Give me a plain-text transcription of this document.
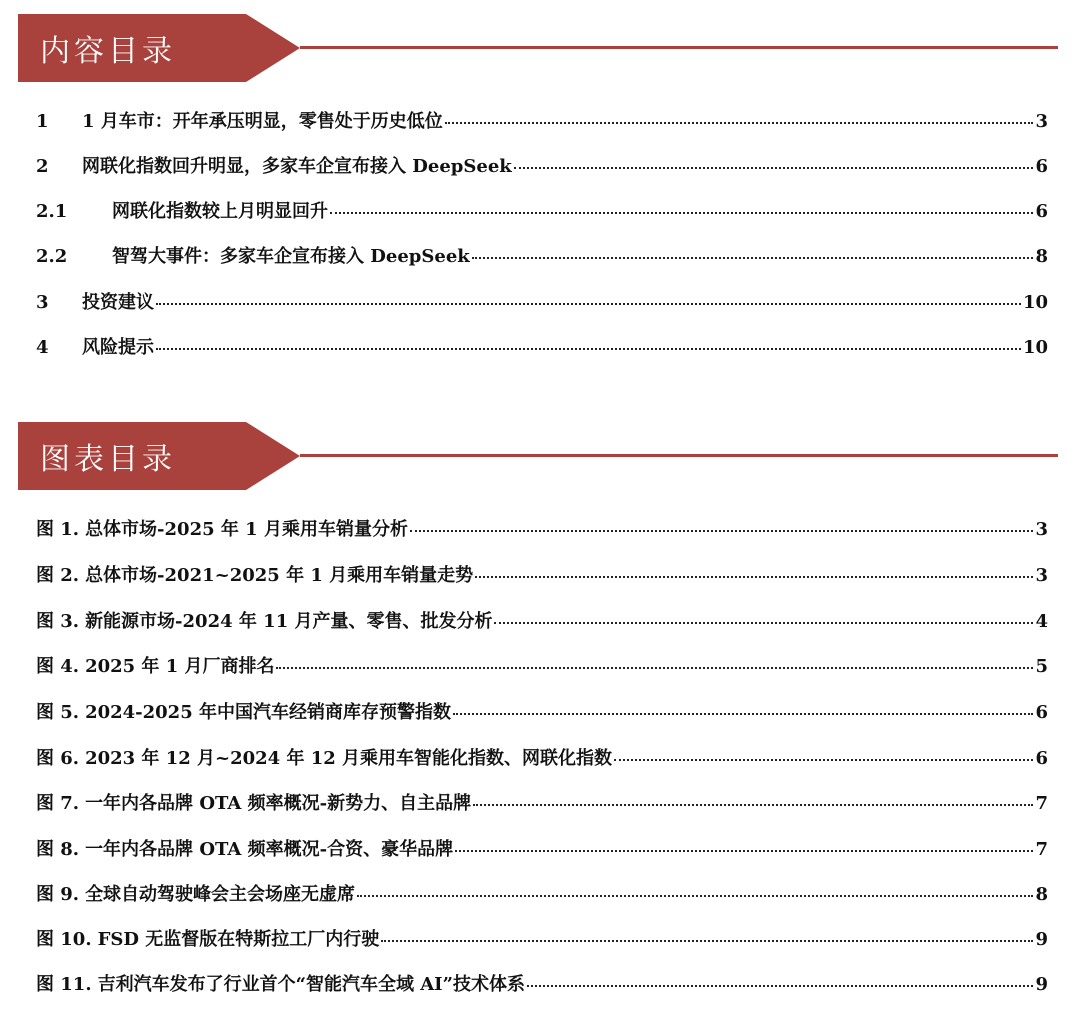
内容目录
1	1 月车市：开年承压明显，零售处于历史低位	3
2	网联化指数回升明显，多家车企宣布接入 DeepSeek	6
2.1	网联化指数较上月明显回升	6
2.2	智驾大事件：多家车企宣布接入 DeepSeek	8
3	投资建议	10
4	风险提示	10
图表目录
图 1. 总体市场-2025 年 1 月乘用车销量分析	3
图 2. 总体市场-2021~2025 年 1 月乘用车销量走势	3
图 3. 新能源市场-2024 年 11 月产量、零售、批发分析	4
图 4. 2025 年 1 月厂商排名	5
图 5. 2024-2025 年中国汽车经销商库存预警指数	6
图 6. 2023 年 12 月~2024 年 12 月乘用车智能化指数、网联化指数	6
图 7. 一年内各品牌 OTA 频率概况-新势力、自主品牌	7
图 8. 一年内各品牌 OTA 频率概况-合资、豪华品牌	7
图 9. 全球自动驾驶峰会主会场座无虚席	8
图 10. FSD 无监督版在特斯拉工厂内行驶	9
图 11. 吉利汽车发布了行业首个“智能汽车全域 AI”技术体系	9
